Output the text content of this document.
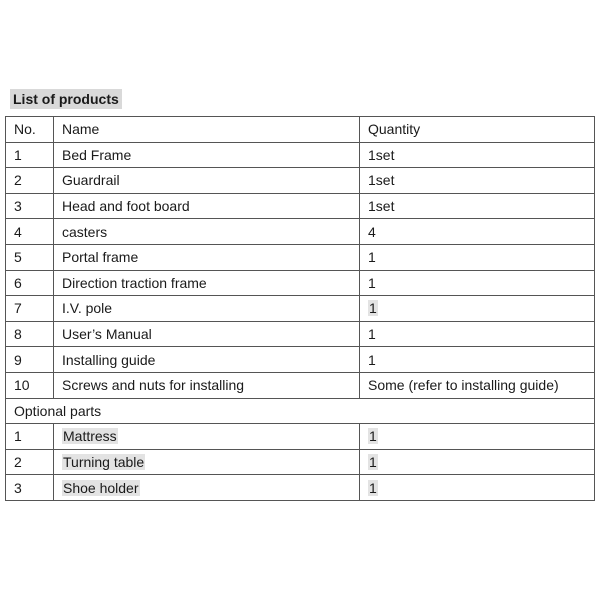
List of products
No.	Name	Quantity
1	Bed Frame	1set
2	Guardrail	1set
3	Head and foot board	1set
4	casters	4
5	Portal frame	1
6	Direction traction frame	1
7	I.V. pole	1
8	User’s Manual	1
9	Installing guide	1
10	Screws and nuts for installing	Some (refer to installing guide)
Optional parts		
1	Mattress	1
2	Turning table	1
3	Shoe holder	1
